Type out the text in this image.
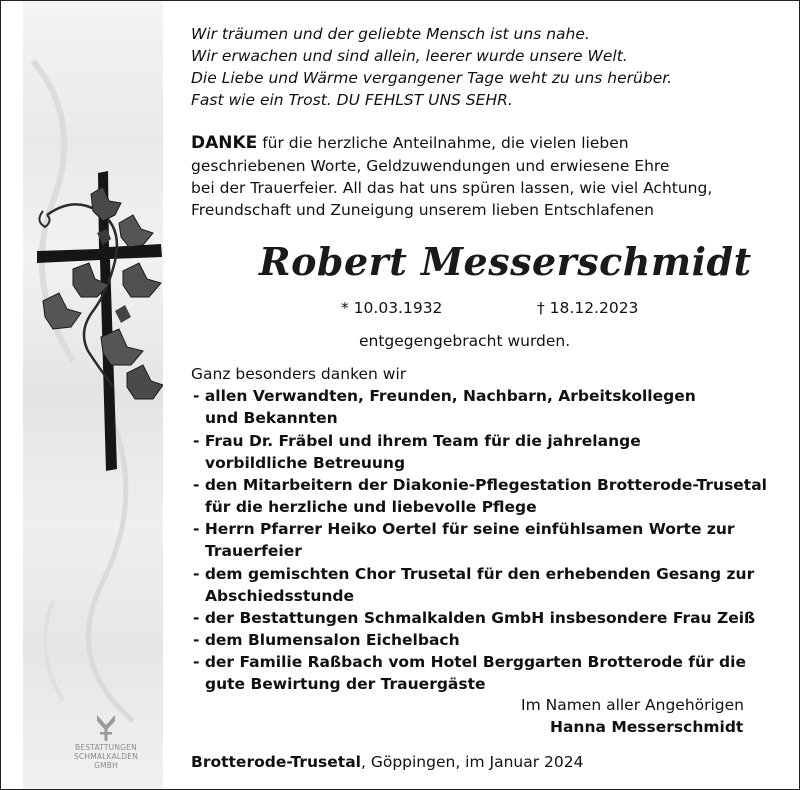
BESTATTUNGEN
SCHMALKALDEN
GMBH
Wir träumen und der geliebte Mensch ist uns nahe.
Wir erwachen und sind allein, leerer wurde unsere Welt.
Die Liebe und Wärme vergangener Tage weht zu uns herüber.
Fast wie ein Trost. DU FEHLST UNS SEHR.
DANKE für die herzliche Anteilnahme, die vielen lieben
geschriebenen Worte, Geldzuwendungen und erwiesene Ehre
bei der Trauerfeier. All das hat uns spüren lassen, wie viel Achtung,
Freundschaft und Zuneigung unserem lieben Entschlafenen
Robert Messerschmidt
* 10.03.1932	† 18.12.2023
entgegengebracht wurden.
Ganz besonders danken wir
- allen Verwandten, Freunden, Nachbarn, Arbeitskollegen
und Bekannten
- Frau Dr. Fräbel und ihrem Team für die jahrelange
vorbildliche Betreuung
- den Mitarbeitern der Diakonie-Pflegestation Brotterode-Trusetal
für die herzliche und liebevolle Pflege
- Herrn Pfarrer Heiko Oertel für seine einfühlsamen Worte zur
Trauerfeier
- dem gemischten Chor Trusetal für den erhebenden Gesang zur
Abschiedsstunde
- der Bestattungen Schmalkalden GmbH insbesondere Frau Zeiß
- dem Blumensalon Eichelbach
- der Familie Raßbach vom Hotel Berggarten Brotterode für die
gute Bewirtung der Trauergäste
Im Namen aller Angehörigen
Hanna Messerschmidt
Brotterode-Trusetal, Göppingen, im Januar 2024
